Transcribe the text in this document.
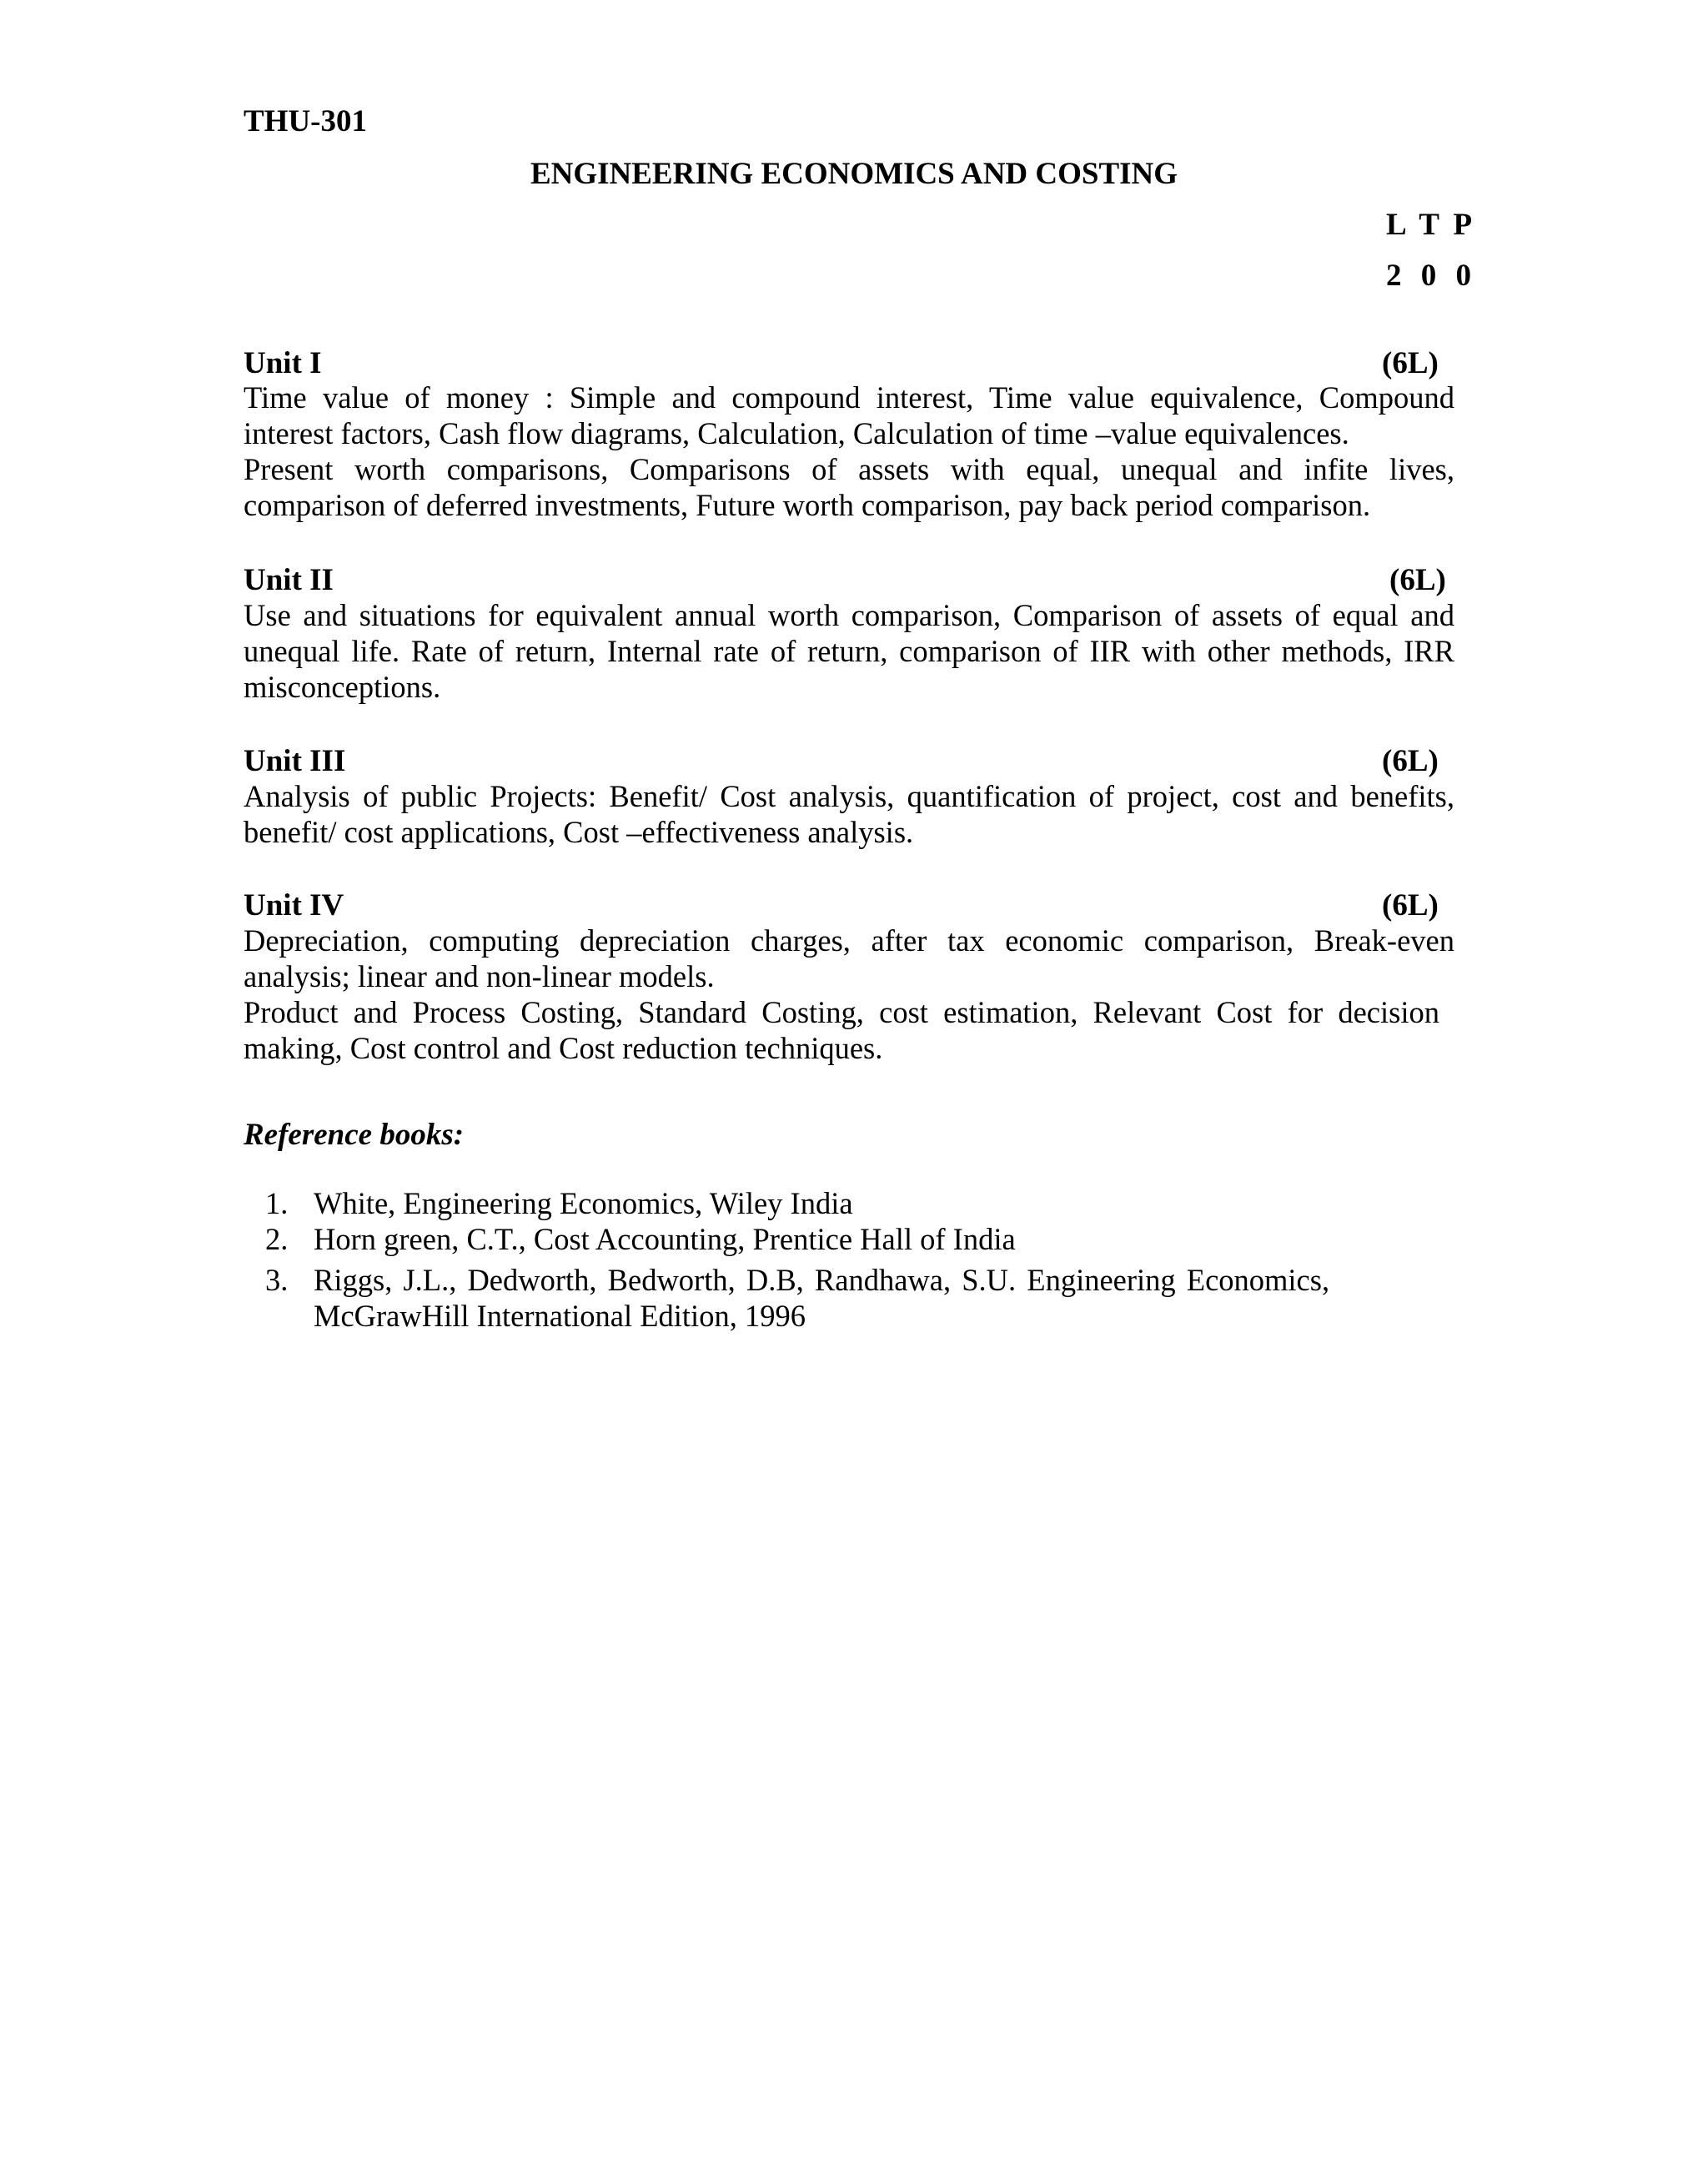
THU-301
ENGINEERING ECONOMICS AND COSTING
L T P
2 0 0
Unit I	(6L)
Time value of money : Simple and compound interest, Time value equivalence, Compound
interest factors, Cash flow diagrams, Calculation, Calculation of time –value equivalences.
Present worth comparisons, Comparisons of assets with equal, unequal and infite lives,
comparison of deferred investments, Future worth comparison, pay back period comparison.
Unit II	(6L)
Use and situations for equivalent annual worth comparison, Comparison of assets of equal and
unequal life. Rate of return, Internal rate of return, comparison of IIR with other methods, IRR
misconceptions.
Unit III	(6L)
Analysis of public Projects: Benefit/ Cost analysis, quantification of project, cost and benefits,
benefit/ cost applications, Cost –effectiveness analysis.
Unit IV	(6L)
Depreciation, computing depreciation charges, after tax economic comparison, Break-even
analysis; linear and non-linear models.
Product and Process Costing, Standard Costing, cost estimation, Relevant Cost for decision
making, Cost control and Cost reduction techniques.
Reference books:
1. White, Engineering Economics, Wiley India
2. Horn green, C.T., Cost Accounting, Prentice Hall of India
3. Riggs, J.L., Dedworth, Bedworth, D.B, Randhawa, S.U. Engineering Economics,
McGrawHill International Edition, 1996
